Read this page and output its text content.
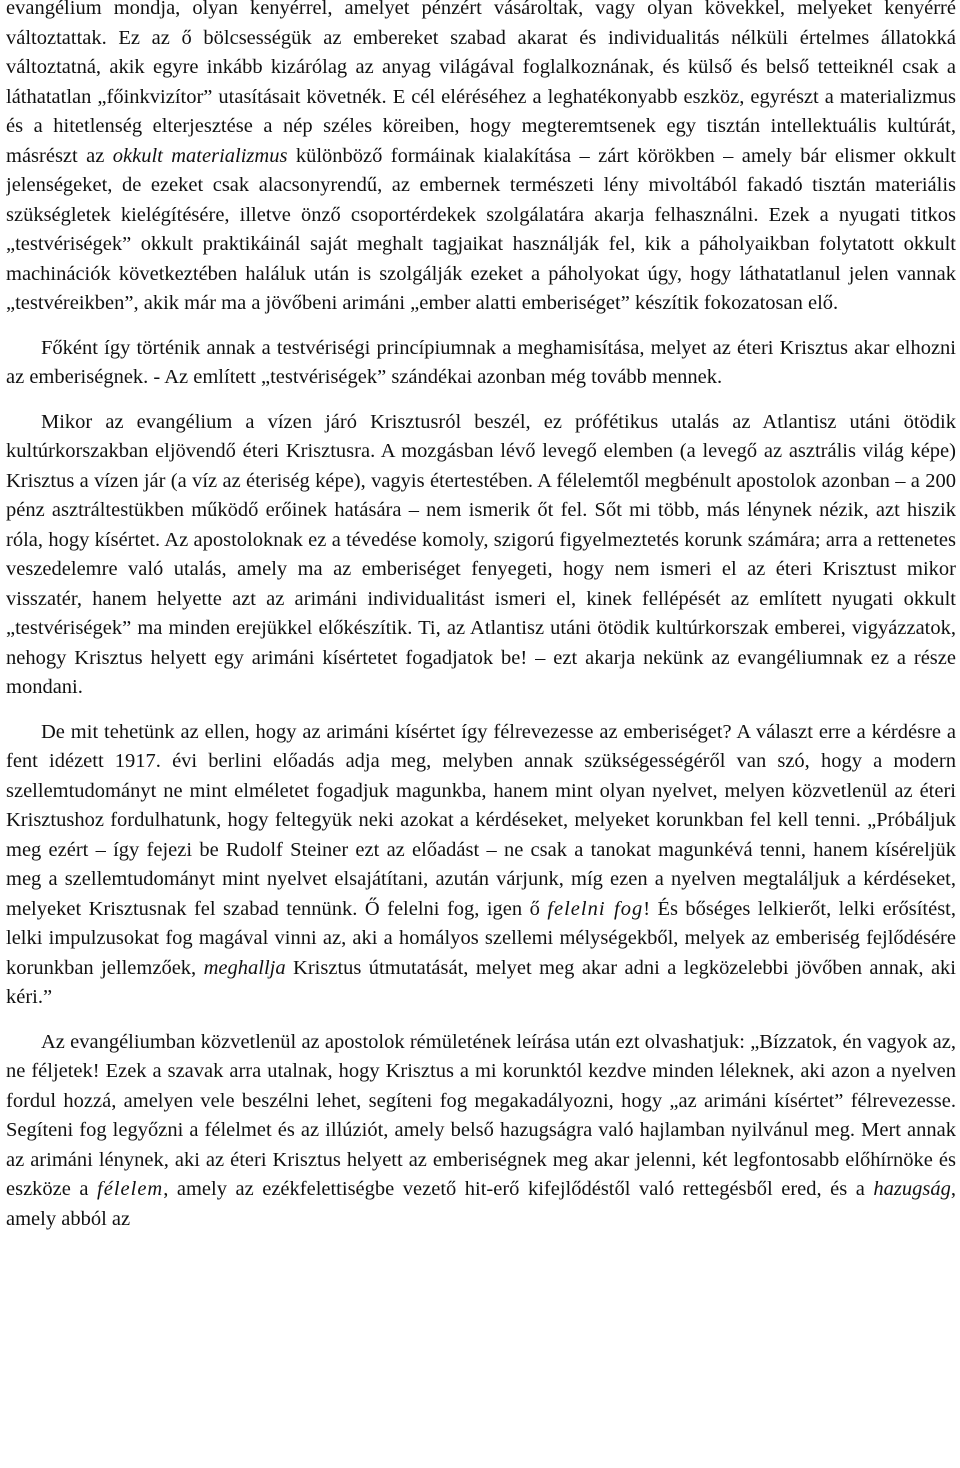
evangélium mondja, olyan kenyérrel, amelyet pénzért vásároltak, vagy olyan kövekkel, melyeket kenyérré változtattak. Ez az ő bölcsességük az embereket szabad akarat és individualitás nélküli értelmes állatokká változtatná, akik egyre inkább kizárólag az anyag világával foglalkoznának, és külső és belső tetteiknél csak a láthatatlan „főinkvizítor” utasításait követnék. E cél eléréséhez a leghatékonyabb eszköz, egyrészt a materializmus és a hitetlenség elterjesztése a nép széles köreiben, hogy megteremtsenek egy tisztán intellektuális kultúrát, másrészt az okkult materializmus különböző formáinak kialakítása – zárt körökben – amely bár elismer okkult jelenségeket, de ezeket csak alacsonyrendű, az embernek természeti lény mivoltából fakadó tisztán materiális szükségletek kielégítésére, illetve önző csoportérdekek szolgálatára akarja felhasználni. Ezek a nyugati titkos „testvériségek” okkult praktikáinál saját meghalt tagjaikat használják fel, kik a páholyaikban folytatott okkult machinációk következtében haláluk után is szolgálják ezeket a páholyokat úgy, hogy láthatatlanul jelen vannak „testvéreikben”, akik már ma a jövőbeni arimáni „ember alatti emberiséget” készítik fokozatosan elő.

Főként így történik annak a testvériségi princípiumnak a meghamisítása, melyet az éteri Krisztus akar elhozni az emberiségnek. - Az említett „testvériségek” szándékai azonban még tovább mennek.

Mikor az evangélium a vízen járó Krisztusról beszél, ez prófétikus utalás az Atlantisz utáni ötödik kultúrkorszakban eljövendő éteri Krisztusra. A mozgásban lévő levegő elemben (a levegő az asztrális világ képe) Krisztus a vízen jár (a víz az éteriség képe), vagyis étertestében. A félelemtől megbénult apostolok azonban – a 200 pénz asztráltestükben működő erőinek hatására – nem ismerik őt fel. Sőt mi több, más lénynek nézik, azt hiszik róla, hogy kísértet. Az apostoloknak ez a tévedése komoly, szigorú figyelmeztetés korunk számára; arra a rettenetes veszedelemre való utalás, amely ma az emberiséget fenyegeti, hogy nem ismeri el az éteri Krisztust mikor visszatér, hanem helyette azt az arimáni individualitást ismeri el, kinek fellépését az említett nyugati okkult „testvériségek” ma minden erejükkel előkészítik. Ti, az Atlantisz utáni ötödik kultúrkorszak emberei, vigyázzatok, nehogy Krisztus helyett egy arimáni kísértetet fogadjatok be! – ezt akarja nekünk az evangéliumnak ez a része mondani.

De mit tehetünk az ellen, hogy az arimáni kísértet így félrevezesse az emberiséget? A választ erre a kérdésre a fent idézett 1917. évi berlini előadás adja meg, melyben annak szükségességéről van szó, hogy a modern szellemtudományt ne mint elméletet fogadjuk magunkba, hanem mint olyan nyelvet, melyen közvetlenül az éteri Krisztushoz fordulhatunk, hogy feltegyük neki azokat a kérdéseket, melyeket korunkban fel kell tenni. „Próbáljuk meg ezért – így fejezi be Rudolf Steiner ezt az előadást – ne csak a tanokat magunkévá tenni, hanem kíséreljük meg a szellemtudományt mint nyelvet elsajátítani, azután várjunk, míg ezen a nyelven megtaláljuk a kérdéseket, melyeket Krisztusnak fel szabad tennünk. Ő felelni fog, igen ő felelni fog! És bőséges lelkierőt, lelki erősítést, lelki impulzusokat fog magával vinni az, aki a homályos szellemi mélységekből, melyek az emberiség fejlődésére korunkban jellemzőek, meghallja Krisztus útmutatását, melyet meg akar adni a legközelebbi jövőben annak, aki kéri.”

Az evangéliumban közvetlenül az apostolok rémületének leírása után ezt olvashatjuk: „Bízzatok, én vagyok az, ne féljetek! Ezek a szavak arra utalnak, hogy Krisztus a mi korunktól kezdve minden léleknek, aki azon a nyelven fordul hozzá, amelyen vele beszélni lehet, segíteni fog megakadályozni, hogy „az arimáni kísértet” félrevezesse. Segíteni fog legyőzni a félelmet és az illúziót, amely belső hazugságra való hajlamban nyilvánul meg. Mert annak az arimáni lénynek, aki az éteri Krisztus helyett az emberiségnek meg akar jelenni, két legfontosabb előhírnöke és eszköze a félelem, amely az ezékfelettiségbe vezető hit-erő kifejlődéstől való rettegésből ered, és a hazugság, amely abból az
